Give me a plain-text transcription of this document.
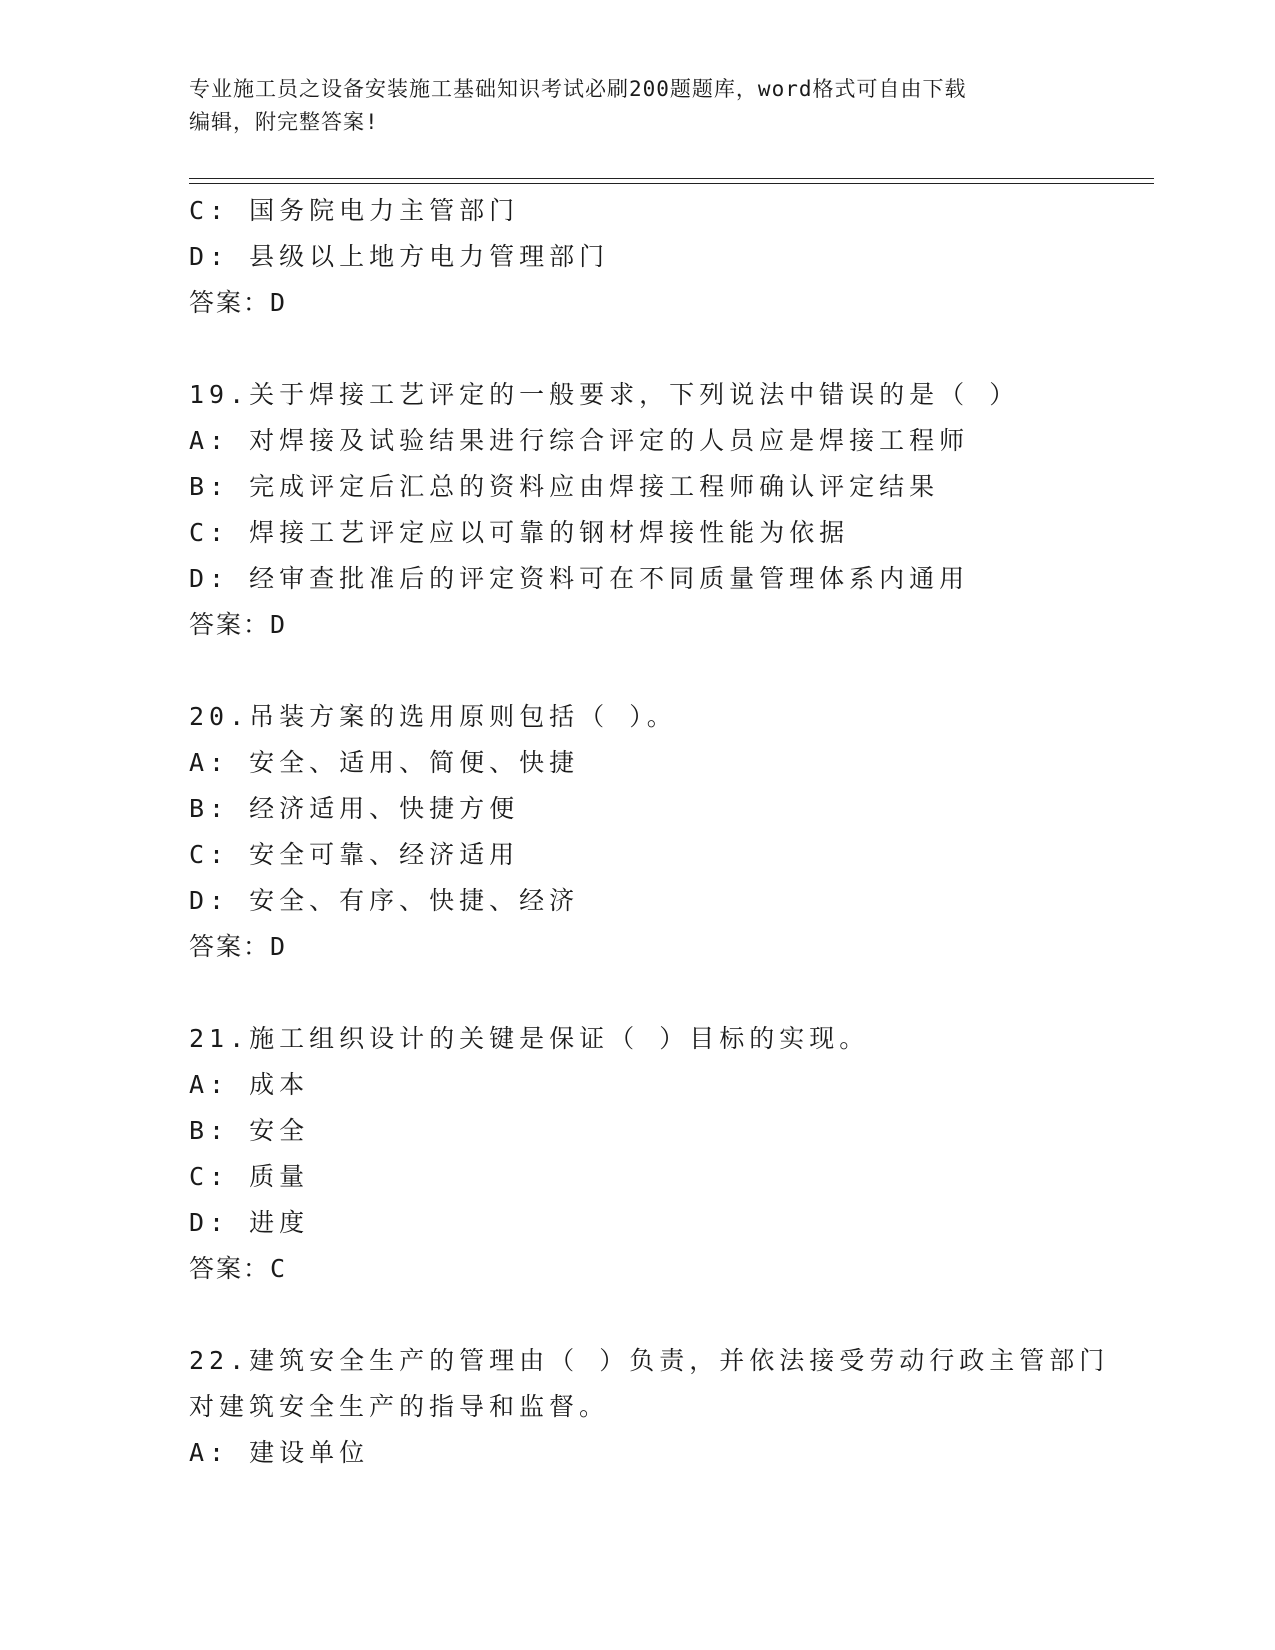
专业施工员之设备安装施工基础知识考试必刷200题题库，word格式可自由下载
编辑，附完整答案!
C: 国务院电力主管部门
D: 县级以上地方电力管理部门
答案：D
19.关于焊接工艺评定的一般要求，下列说法中错误的是（ ）
A: 对焊接及试验结果进行综合评定的人员应是焊接工程师
B: 完成评定后汇总的资料应由焊接工程师确认评定结果
C: 焊接工艺评定应以可靠的钢材焊接性能为依据
D: 经审查批准后的评定资料可在不同质量管理体系内通用
答案：D
20.吊装方案的选用原则包括（ ）。
A: 安全、适用、简便、快捷
B: 经济适用、快捷方便
C: 安全可靠、经济适用
D: 安全、有序、快捷、经济
答案：D
21.施工组织设计的关键是保证（ ）目标的实现。
A: 成本
B: 安全
C: 质量
D: 进度
答案：C
22.建筑安全生产的管理由（ ）负责，并依法接受劳动行政主管部门
对建筑安全生产的指导和监督。
A: 建设单位
